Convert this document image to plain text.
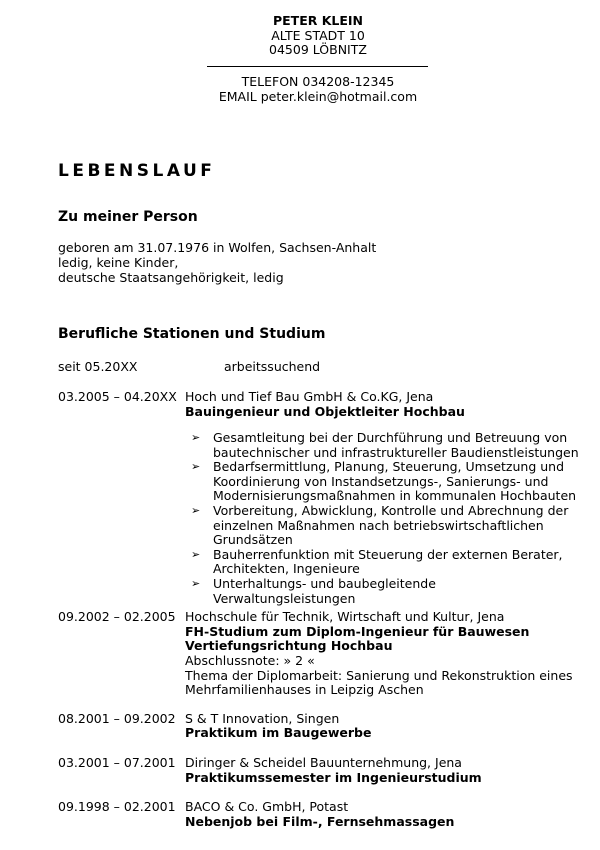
PETER KLEIN
ALTE STADT 10
04509 LÖBNITZ
TELEFON 034208-12345
EMAIL peter.klein@hotmail.com
LEBENSLAUF
Zu meiner Person
geboren am 31.07.1976 in Wolfen, Sachsen-Anhalt
ledig, keine Kinder,
deutsche Staatsangehörigkeit, ledig
Berufliche Stationen und Studium
seit 05.20XX	arbeitssuchend
03.2005 – 04.20XX Hoch und Tief Bau GmbH & Co.KG, Jena
Bauingenieur und Objektleiter Hochbau
➢ Gesamtleitung bei der Durchführung und Betreuung von bautechnischer und infrastruktureller Baudienstleistungen
➢ Bedarfsermittlung, Planung, Steuerung, Umsetzung und Koordinierung von Instandsetzungs-, Sanierungs- und Modernisierungsmaßnahmen in kommunalen Hochbauten
➢ Vorbereitung, Abwicklung, Kontrolle und Abrechnung der einzelnen Maßnahmen nach betriebswirtschaftlichen Grundsätzen
➢ Bauherrenfunktion mit Steuerung der externen Berater, Architekten, Ingenieure
➢ Unterhaltungs- und baubegleitende Verwaltungsleistungen
09.2002 – 02.2005 Hochschule für Technik, Wirtschaft und Kultur, Jena
FH-Studium zum Diplom-Ingenieur für Bauwesen
Vertiefungsrichtung Hochbau
Abschlussnote: » 2 «
Thema der Diplomarbeit: Sanierung und Rekonstruktion eines
Mehrfamilienhauses in Leipzig Aschen
08.2001 – 09.2002 S & T Innovation, Singen
Praktikum im Baugewerbe
03.2001 – 07.2001 Diringer & Scheidel Bauunternehmung, Jena
Praktikumssemester im Ingenieurstudium
09.1998 – 02.2001 BACO & Co. GmbH, Potast
Nebenjob bei Film-, Fernsehmassagen
